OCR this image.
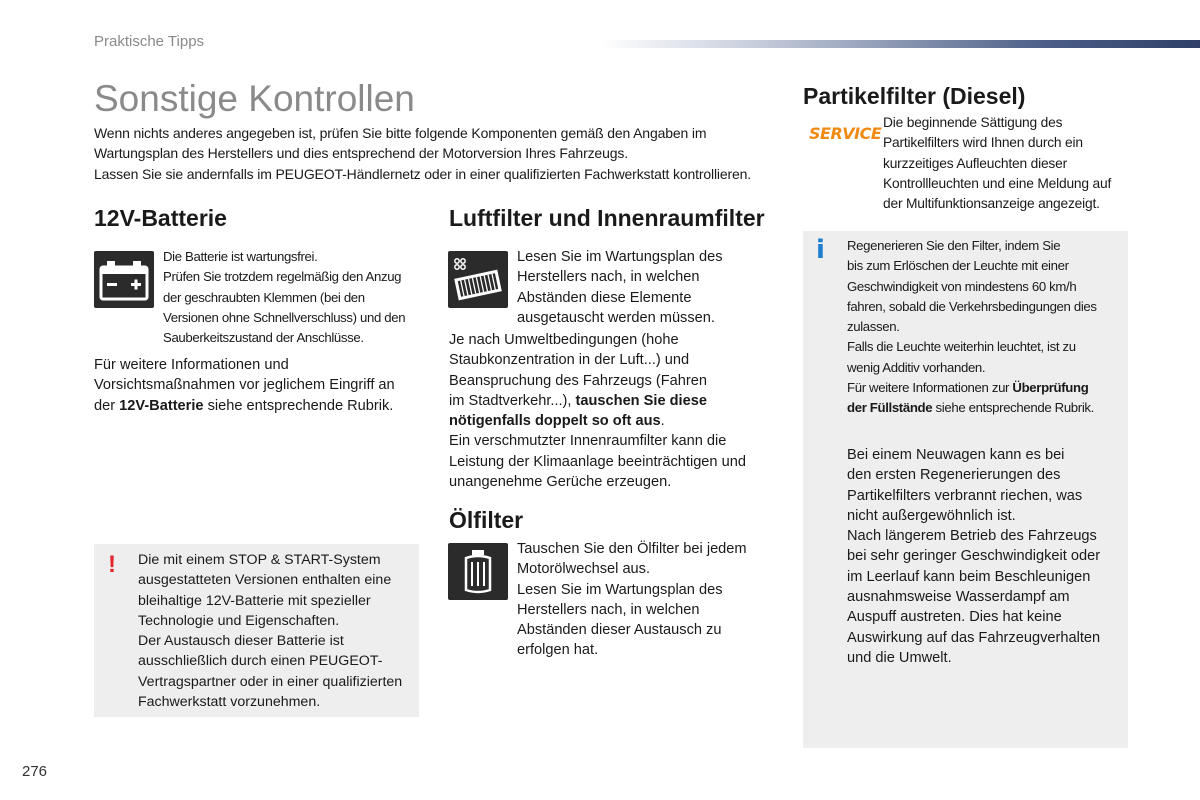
Praktische Tipps
Sonstige Kontrollen
Wenn nichts anderes angegeben ist, prüfen Sie bitte folgende Komponenten gemäß den Angaben im
Wartungsplan des Herstellers und dies entsprechend der Motorversion Ihres Fahrzeugs.
Lassen Sie sie andernfalls im PEUGEOT-Händlernetz oder in einer qualifizierten Fachwerkstatt kontrollieren.
12V-Batterie
Die Batterie ist wartungsfrei.
Prüfen Sie trotzdem regelmäßig den Anzug
der geschraubten Klemmen (bei den
Versionen ohne Schnellverschluss) und den
Sauberkeitszustand der Anschlüsse.
Für weitere Informationen und
Vorsichtsmaßnahmen vor jeglichem Eingriff an
der 12V-Batterie siehe entsprechende Rubrik.
! Die mit einem STOP & START-System
ausgestatteten Versionen enthalten eine
bleihaltige 12V-Batterie mit spezieller
Technologie und Eigenschaften.
Der Austausch dieser Batterie ist
ausschließlich durch einen PEUGEOT-
Vertragspartner oder in einer qualifizierten
Fachwerkstatt vorzunehmen.
Luftfilter und Innenraumfilter
Lesen Sie im Wartungsplan des
Herstellers nach, in welchen
Abständen diese Elemente
ausgetauscht werden müssen.
Je nach Umweltbedingungen (hohe
Staubkonzentration in der Luft...) und
Beanspruchung des Fahrzeugs (Fahren
im Stadtverkehr...), tauschen Sie diese
nötigenfalls doppelt so oft aus.
Ein verschmutzter Innenraumfilter kann die
Leistung der Klimaanlage beeinträchtigen und
unangenehme Gerüche erzeugen.
Ölfilter
Tauschen Sie den Ölfilter bei jedem
Motorölwechsel aus.
Lesen Sie im Wartungsplan des
Herstellers nach, in welchen
Abständen dieser Austausch zu
erfolgen hat.
Partikelfilter (Diesel)
SERVICE
Die beginnende Sättigung des
Partikelfilters wird Ihnen durch ein
kurzzeitiges Aufleuchten dieser
Kontrollleuchten und eine Meldung auf
der Multifunktionsanzeige angezeigt.
i Regenerieren Sie den Filter, indem Sie
bis zum Erlöschen der Leuchte mit einer
Geschwindigkeit von mindestens 60 km/h
fahren, sobald die Verkehrsbedingungen dies
zulassen.
Falls die Leuchte weiterhin leuchtet, ist zu
wenig Additiv vorhanden.
Für weitere Informationen zur Überprüfung
der Füllstände siehe entsprechende Rubrik.
Bei einem Neuwagen kann es bei
den ersten Regenerierungen des
Partikelfilters verbrannt riechen, was
nicht außergewöhnlich ist.
Nach längerem Betrieb des Fahrzeugs
bei sehr geringer Geschwindigkeit oder
im Leerlauf kann beim Beschleunigen
ausnahmsweise Wasserdampf am
Auspuff austreten. Dies hat keine
Auswirkung auf das Fahrzeugverhalten
und die Umwelt.
276
